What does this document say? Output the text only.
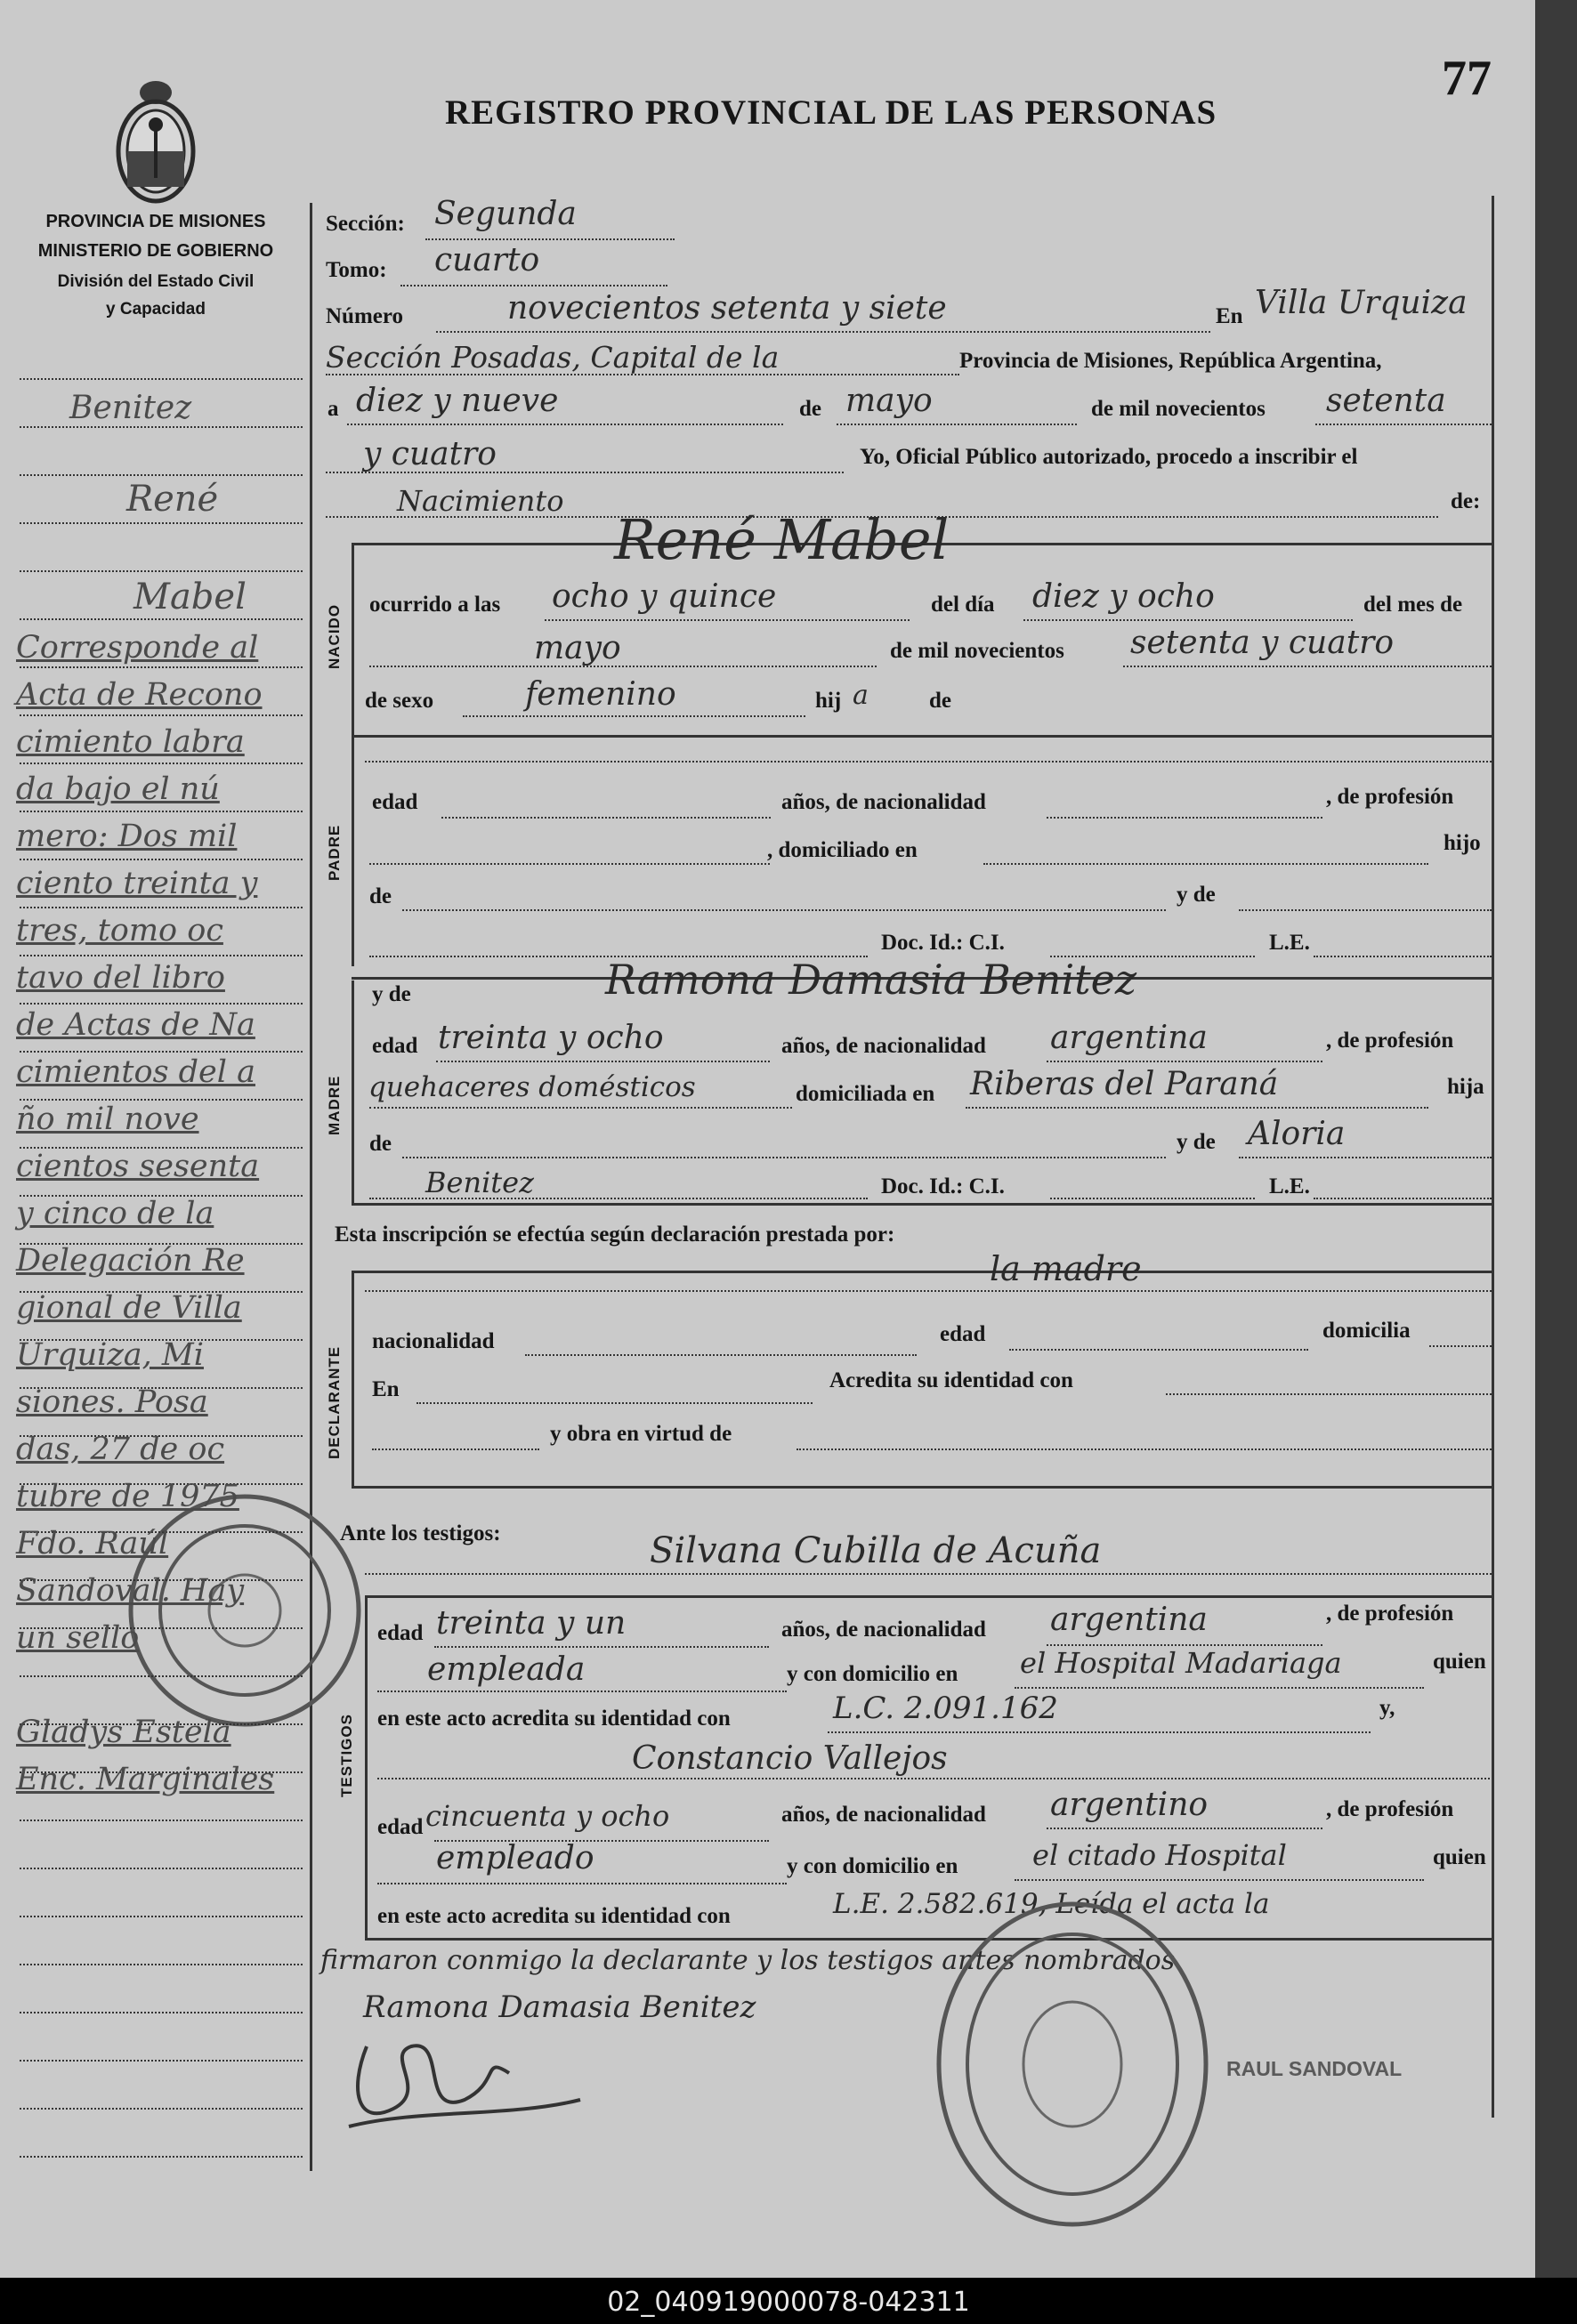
PROVINCIA DE MISIONES
MINISTERIO DE GOBIERNO
División del Estado Civil
y Capacidad
REGISTRO PROVINCIAL DE LAS PERSONAS
77
NACIDO
PADRE
MADRE
DECLARANTE
TESTIGOS
Sección: Segunda
Tomo: cuarto
Número	novecientos setenta y siete	En Villa Urquiza
Sección Posadas, Capital de la	Provincia de Misiones, República Argentina,
a diez y nueve	de mayo	de mil novecientos setenta
y cuatro	Yo, Oficial Público autorizado, procedo a inscribir el
Nacimiento	de:
René Mabel
ocurrido a las ocho y quince	del día diez y ocho	del mes de
mayo	de mil novecientos setenta y cuatro
de sexo	femenino	hij a	de
edad	años, de nacionalidad	, de profesión
, domiciliado en	hijo
de	y de
Doc. Id.: C.I.	L.E.
y de	Ramona Damasia Benitez
edad treinta y ocho	años, de nacionalidad argentina	, de profesión
quehaceres domésticos	domiciliada en Riberas del Paraná	hija
de	y de Aloria
Benitez	Doc. Id.: C.I.	L.E.
Esta inscripción se efectúa según declaración prestada por:
la madre
nacionalidad	edad	domicilia
En	Acredita su identidad con
y obra en virtud de
Ante los testigos:	Silvana Cubilla de Acuña
edad treinta y un	años, de nacionalidad argentina	, de profesión
empleada	y con domicilio en el Hospital Madariaga	quien
en este acto acredita su identidad con	L.C. 2.091.162	y,
Constancio Vallejos
edad cincuenta y ocho	años, de nacionalidad argentino	, de profesión
empleado	y con domicilio en	el citado Hospital	quien
en este acto acredita su identidad con	L.E. 2.582.619, Leída el acta la
firmaron conmigo la declarante y los testigos antes nombrados
Ramona Damasia Benitez
RAUL SANDOVAL
Benitez
René
Mabel
Corresponde al
Acta de Recono
cimiento labra
da bajo el nú
mero: Dos mil
ciento treinta y
tres, tomo oc
tavo del libro
de Actas de Na
cimientos del a
ño mil nove
cientos sesenta
y cinco de la
Delegación Re
gional de Villa
Urquiza, Mi
siones. Posa
das, 27 de oc
tubre de 1975
Fdo. Raúl
Sandoval. Hay
un sello
Gladys Estela
Enc. Marginales
02_040919000078-042311
